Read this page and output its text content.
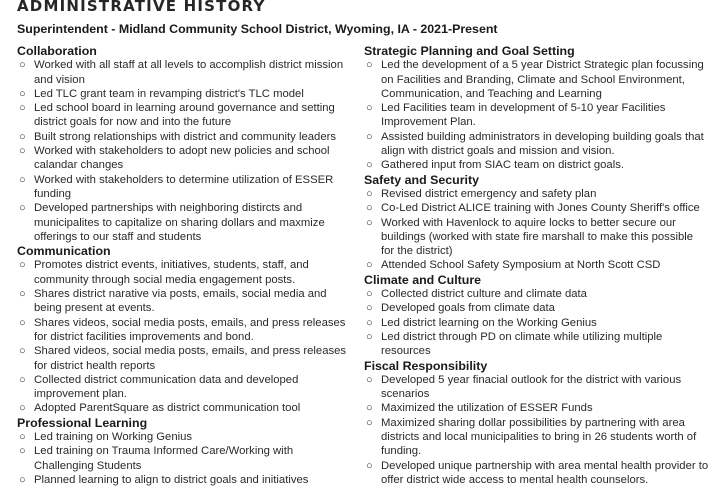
ADMINISTRATIVE HISTORY
Superintendent - Midland Community School District, Wyoming, IA - 2021-Present
Collaboration
○ Worked with all staff at all levels to accomplish district mission and vision
○ Led TLC grant team in revamping district's TLC model
○ Led school board in learning around governance and setting district goals for now and into the future
○ Built strong relationships with district and community leaders
○ Worked with stakeholders to adopt new policies and school calandar changes
○ Worked with stakeholders to determine utilization of ESSER funding
○ Developed partnerships with neighboring distircts and municipalites to capitalize on sharing dollars and maxmize offerings to our staff and students
Communication
○ Promotes district events, initiatives, students, staff, and community through social media engagement posts.
○ Shares district narative via posts, emails, social media and being present at events.
○ Shares videos, social media posts, emails, and press releases for district facilities improvements and bond.
○ Shared videos, social media posts, emails, and press releases for district health reports
○ Collected district communication data and developed improvement plan.
○ Adopted ParentSquare as district communication tool
Professional Learning
○ Led training on Working Genius
○ Led training on Trauma Informed Care/Working with Challenging Students
○ Planned learning to align to district goals and initiatives
Strategic Planning and Goal Setting
○ Led the development of a 5 year District Strategic plan focussing on Facilities and Branding, Climate and School Environment, Communication, and Teaching and Learning
○ Led Facilities team in development of 5-10 year Facilities Improvement Plan.
○ Assisted building administrators in developing building goals that align with district goals and mission and vision.
○ Gathered input from SIAC team on district goals.
Safety and Security
○ Revised district emergency and safety plan
○ Co-Led District ALICE training with Jones County Sheriff's office
○ Worked with Havenlock to aquire locks to better secure our buildings (worked with state fire marshall to make this possible for the district)
○ Attended School Safety Symposium at North Scott CSD
Climate and Culture
○ Collected district culture and climate data
○ Developed goals from climate data
○ Led district learning on the Working Genius
○ Led district through PD on climate while utilizing multiple resources
Fiscal Responsibility
○ Developed 5 year finacial outlook for the district with various scenarios
○ Maximized the utilization of ESSER Funds
○ Maximized sharing dollar possibilities by partnering with area districts and local municipalities to bring in 26 students worth of funding.
○ Developed unique partnership with area mental health provider to offer district wide access to mental health counselors.
